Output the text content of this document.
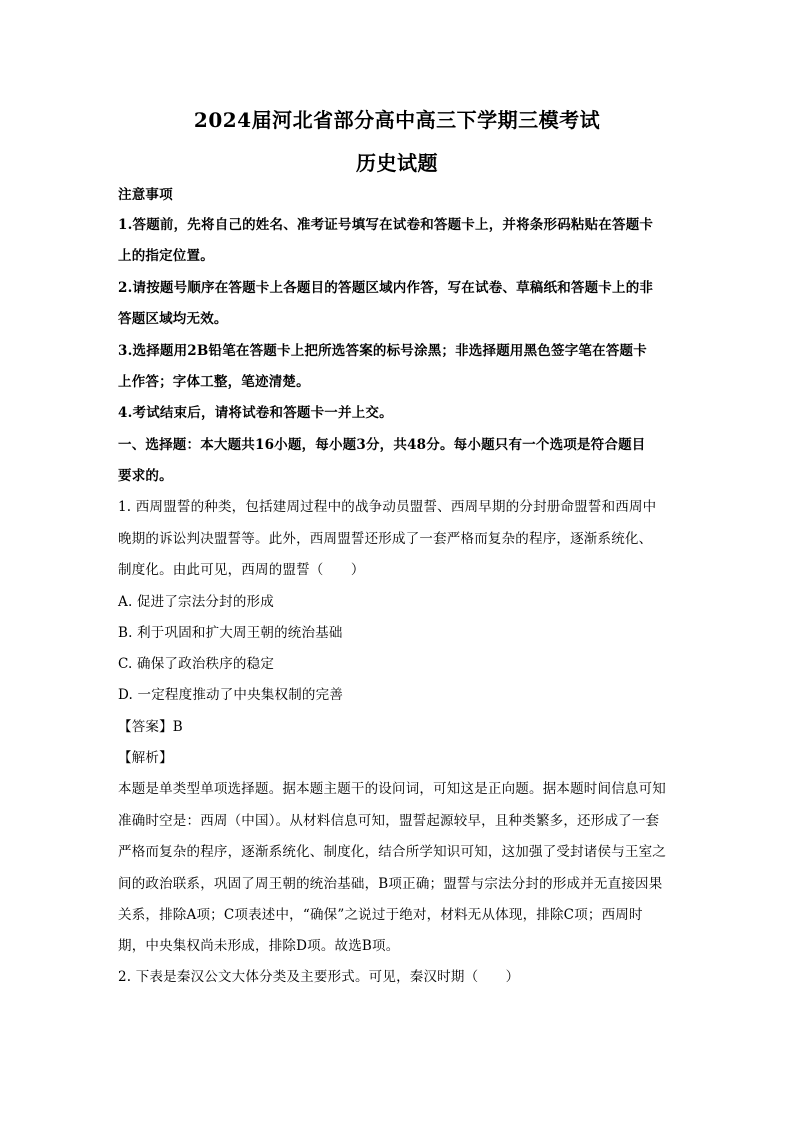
2024届河北省部分高中高三下学期三模考试
历史试题
注意事项
1.答题前，先将自己的姓名、准考证号填写在试卷和答题卡上，并将条形码粘贴在答题卡
上的指定位置。
2.请按题号顺序在答题卡上各题目的答题区域内作答，写在试卷、草稿纸和答题卡上的非
答题区域均无效。
3.选择题用2B铅笔在答题卡上把所选答案的标号涂黑；非选择题用黑色签字笔在答题卡
上作答；字体工整，笔迹清楚。
4.考试结束后，请将试卷和答题卡一并上交。
一、选择题：本大题共16小题，每小题3分，共48分。每小题只有一个选项是符合题目
要求的。
1. 西周盟誓的种类，包括建周过程中的战争动员盟誓、西周早期的分封册命盟誓和西周中
晚期的诉讼判决盟誓等。此外，西周盟誓还形成了一套严格而复杂的程序，逐渐系统化、
制度化。由此可见，西周的盟誓（　　）
A. 促进了宗法分封的形成
B. 利于巩固和扩大周王朝的统治基础
C. 确保了政治秩序的稳定
D. 一定程度推动了中央集权制的完善
【答案】B
【解析】
本题是单类型单项选择题。据本题主题干的设问词，可知这是正向题。据本题时间信息可知
准确时空是：西周（中国）。从材料信息可知，盟誓起源较早，且种类繁多，还形成了一套
严格而复杂的程序，逐渐系统化、制度化，结合所学知识可知，这加强了受封诸侯与王室之
间的政治联系，巩固了周王朝的统治基础，B项正确；盟誓与宗法分封的形成并无直接因果
关系，排除A项；C项表述中，“确保”之说过于绝对，材料无从体现，排除C项；西周时
期，中央集权尚未形成，排除D项。故选B项。
2. 下表是秦汉公文大体分类及主要形式。可见，秦汉时期（　　）
